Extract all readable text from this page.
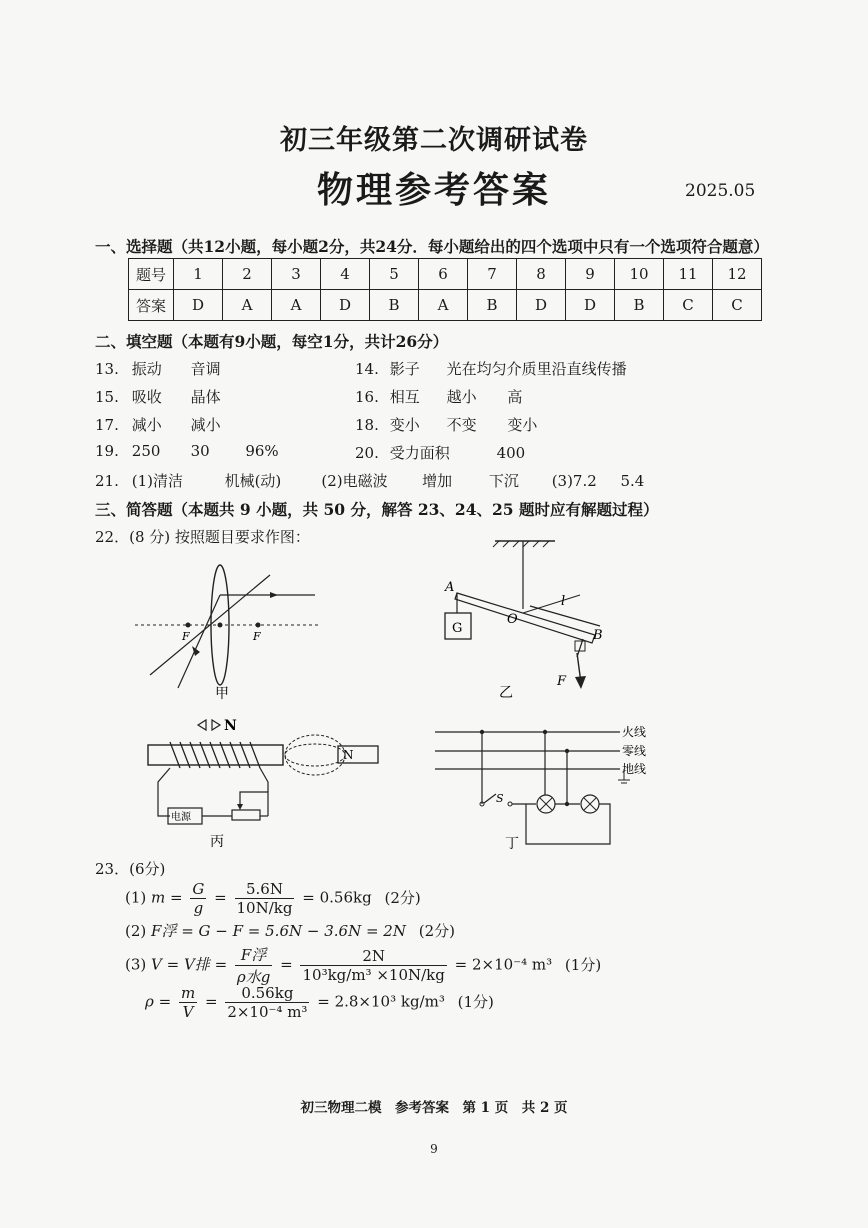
初三年级第二次调研试卷
物理参考答案	2025.05
一、选择题（共12小题，每小题2分，共24分．每小题给出的四个选项中只有一个选项符合题意）
题号	1	2	3	4	5	6	7	8	9	10	11	12
答案	D	A	A	D	B	A	B	D	D	B	C	C
二、填空题（本题有9小题，每空1分，共计26分）
13. 振动 音调	14. 影子 光在均匀介质里沿直线传播
15. 吸收 晶体	16. 相互 越小 高
17. 减小 减小	18. 变小 不变 变小
19. 250 30 96%	20. 受力面积	400
21. (1)清洁	机械(动)	(2)电磁波 增加 下沉 (3)7.2 5.4
三、简答题（本题共 9 小题，共 50 分，解答 23、24、25 题时应有解题过程）
22．(8 分) 按照题目要求作图：
F	F
甲
A
O
B
G
l
F
乙
N
N
电源
丙
火线
零线
地线
S
丁
23．(6分)
(1) $m = \frac{G}{g} = \frac{5.6N}{10N/kg} = 0.56kg$ (2分)
(2) F浮 = G − F = 5.6N − 3.6N = 2N (2分)
(3) V = V排 = $\frac{\text{F浮}}{\text{ρ水g}} = \frac{2N}{\text{10³kg/m³ ×10N/kg}} = 2\times 10^{-4}$ m³ (1分)
$\rho = \frac{m}{V} = \frac{0.56kg}{\text{2×10⁻⁴ m³}} = 2.8\times 10^3$ kg/m³ (1分)
初三物理二模　参考答案　第 1 页　共 2 页
9
